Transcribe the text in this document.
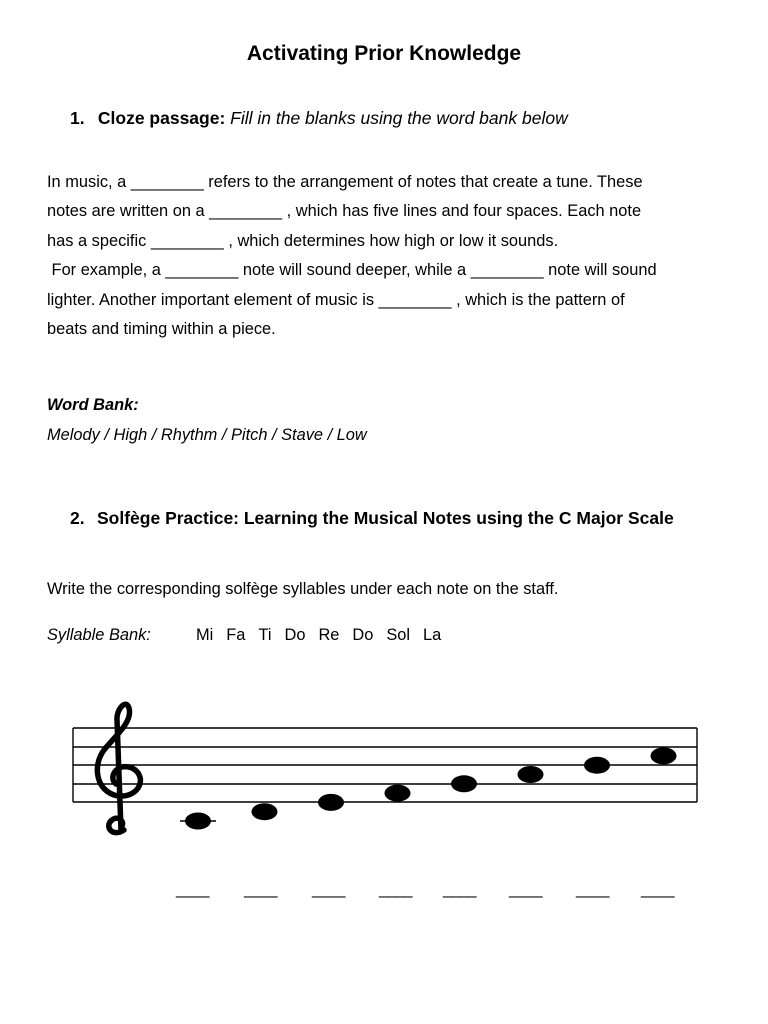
Activating Prior Knowledge
1. Cloze passage: Fill in the blanks using the word bank below
In music, a ________ refers to the arrangement of notes that create a tune. These
notes are written on a ________ , which has five lines and four spaces. Each note
has a specific ________ , which determines how high or low it sounds.
For example, a ________ note will sound deeper, while a ________ note will sound
lighter. Another important element of music is ________ , which is the pattern of
beats and timing within a piece.
Word Bank:
Melody / High / Rhythm / Pitch / Stave / Low
2. Solfège Practice: Learning the Musical Notes using the C Major Scale
Write the corresponding solfège syllables under each note on the staff.
Syllable Bank:	Mi Fa Ti Do Re Do Sol La
____ ____ ____ ____ ____ ____ ____ ____
